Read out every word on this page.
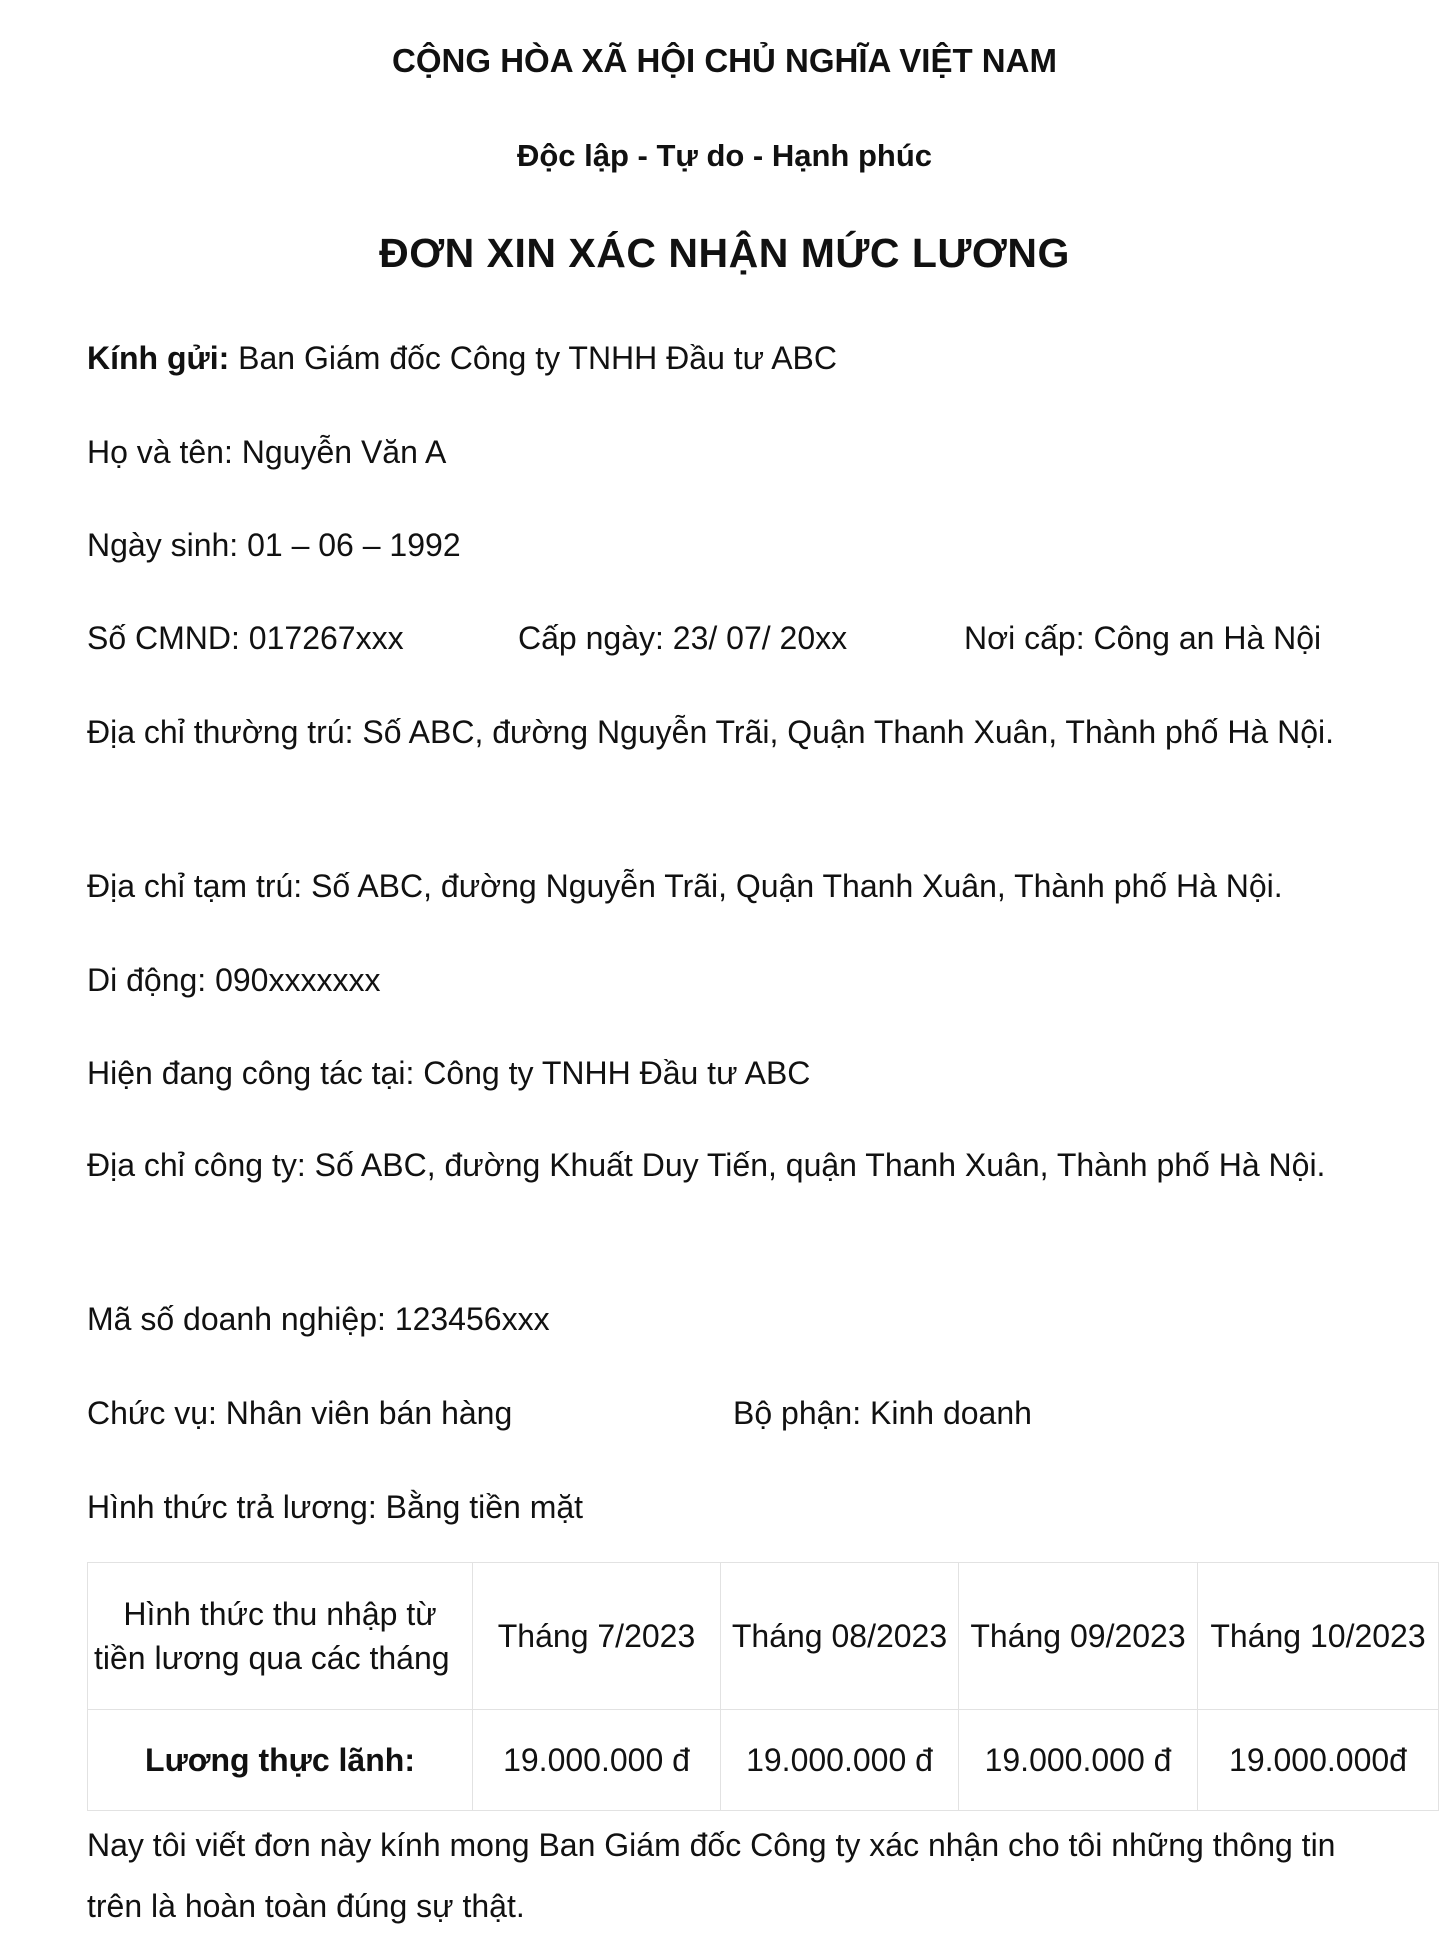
CỘNG HÒA XÃ HỘI CHỦ NGHĨA VIỆT NAM
Độc lập - Tự do - Hạnh phúc
ĐƠN XIN XÁC NHẬN MỨC LƯƠNG
Kính gửi: Ban Giám đốc Công ty TNHH Đầu tư ABC
Họ và tên: Nguyễn Văn A
Ngày sinh: 01 – 06 – 1992
Số CMND: 017267xxx	Cấp ngày: 23/ 07/ 20xx	Nơi cấp: Công an Hà Nội
Địa chỉ thường trú: Số ABC, đường Nguyễn Trãi, Quận Thanh Xuân, Thành phố Hà Nội.
Địa chỉ tạm trú: Số ABC, đường Nguyễn Trãi, Quận Thanh Xuân, Thành phố Hà Nội.
Di động: 090xxxxxxx
Hiện đang công tác tại: Công ty TNHH Đầu tư ABC
Địa chỉ công ty: Số ABC, đường Khuất Duy Tiến, quận Thanh Xuân, Thành phố Hà Nội.
Mã số doanh nghiệp: 123456xxx
Chức vụ: Nhân viên bán hàng	Bộ phận: Kinh doanh
Hình thức trả lương: Bằng tiền mặt
Hình thức thu nhập từ tiền lương qua các tháng	Tháng 7/2023	Tháng 08/2023	Tháng 09/2023	Tháng 10/2023
Lương thực lãnh:	19.000.000 đ	19.000.000 đ	19.000.000 đ	19.000.000đ
Nay tôi viết đơn này kính mong Ban Giám đốc Công ty xác nhận cho tôi những thông tin trên là hoàn toàn đúng sự thật.
